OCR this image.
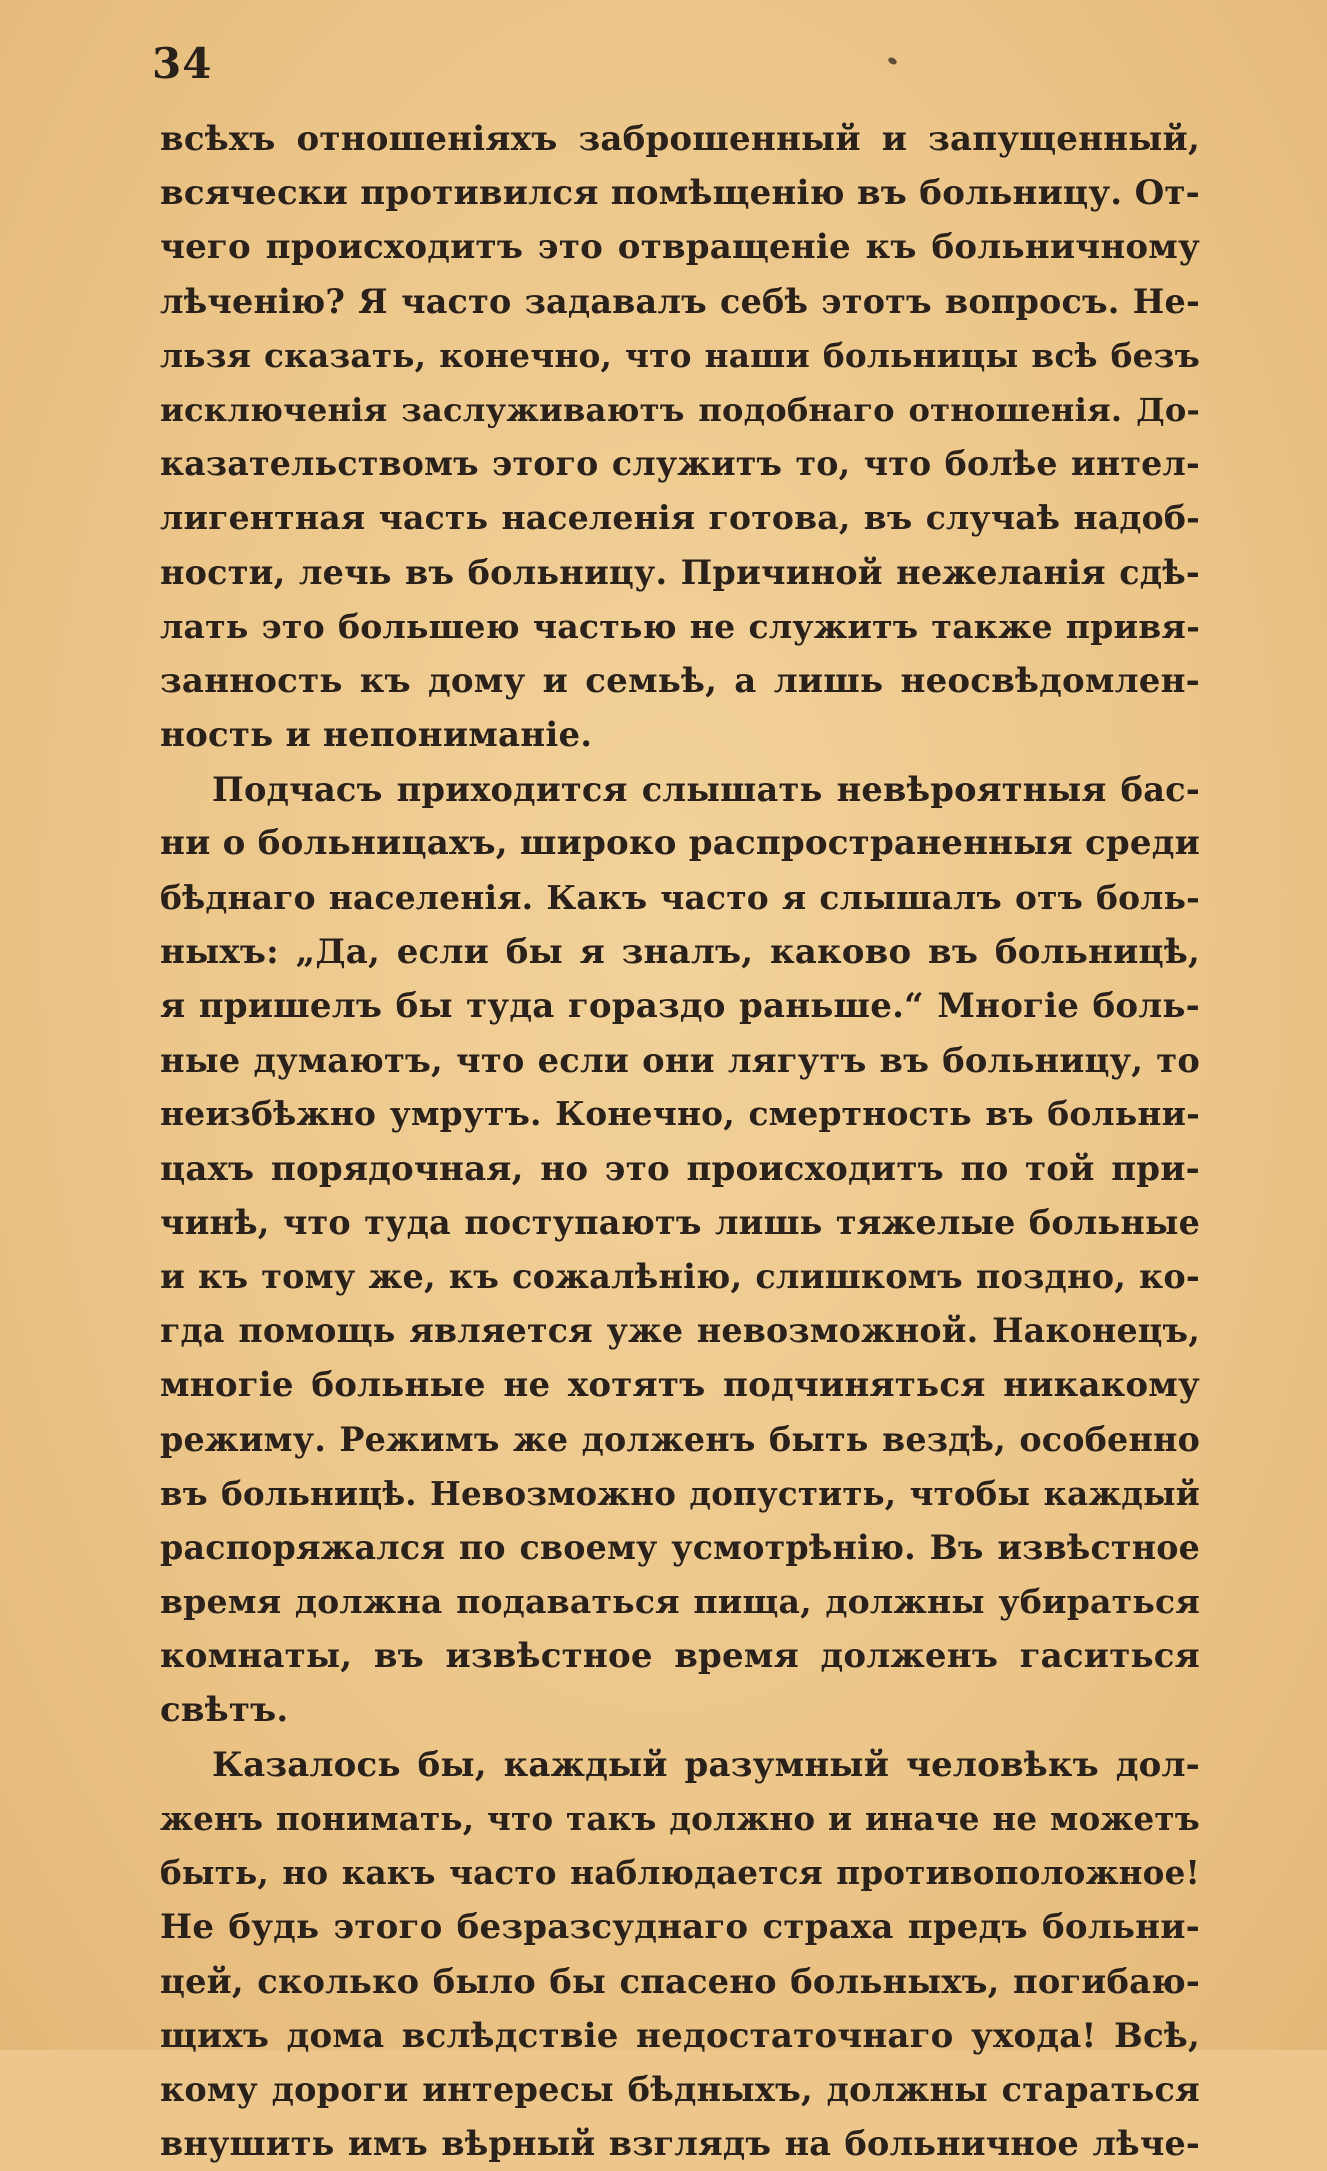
34
всѣхъ отношеніяхъ заброшенный и запущенный,
всячески противился помѣщенію въ больницу. От-
чего происходитъ это отвращеніе къ больничному
лѣченію? Я часто задавалъ себѣ этотъ вопросъ. Не-
льзя сказать, конечно, что наши больницы всѣ безъ
исключенія заслуживаютъ подобнаго отношенія. До-
казательствомъ этого служитъ то, что болѣе интел-
лигентная часть населенія готова, въ случаѣ надоб-
ности, лечь въ больницу. Причиной нежеланія сдѣ-
лать это большею частью не служитъ также привя-
занность къ дому и семьѣ, а лишь неосвѣдомлен-
ность и непониманіе.
Подчасъ приходится слышать невѣроятныя бас-
ни о больницахъ, широко распространенныя среди
бѣднаго населенія. Какъ часто я слышалъ отъ боль-
ныхъ: „Да, если бы я зналъ, каково въ больницѣ,
я пришелъ бы туда гораздо раньше.“ Многіе боль-
ные думаютъ, что если они лягутъ въ больницу, то
неизбѣжно умрутъ. Конечно, смертность въ больни-
цахъ порядочная, но это происходитъ по той при-
чинѣ, что туда поступаютъ лишь тяжелые больные
и къ тому же, къ сожалѣнію, слишкомъ поздно, ко-
гда помощь является уже невозможной. Наконецъ,
многіе больные не хотятъ подчиняться никакому
режиму. Режимъ же долженъ быть вездѣ, особенно
въ больницѣ. Невозможно допустить, чтобы каждый
распоряжался по своему усмотрѣнію. Въ извѣстное
время должна подаваться пища, должны убираться
комнаты, въ извѣстное время долженъ гаситься
свѣтъ.
Казалось бы, каждый разумный человѣкъ дол-
женъ понимать, что такъ должно и иначе не можетъ
быть, но какъ часто наблюдается противоположное!
Не будь этого безразсуднаго страха предъ больни-
цей, сколько было бы спасено больныхъ, погибаю-
щихъ дома вслѣдствіе недостаточнаго ухода! Всѣ,
кому дороги интересы бѣдныхъ, должны стараться
внушить имъ вѣрный взглядъ на больничное лѣче-
